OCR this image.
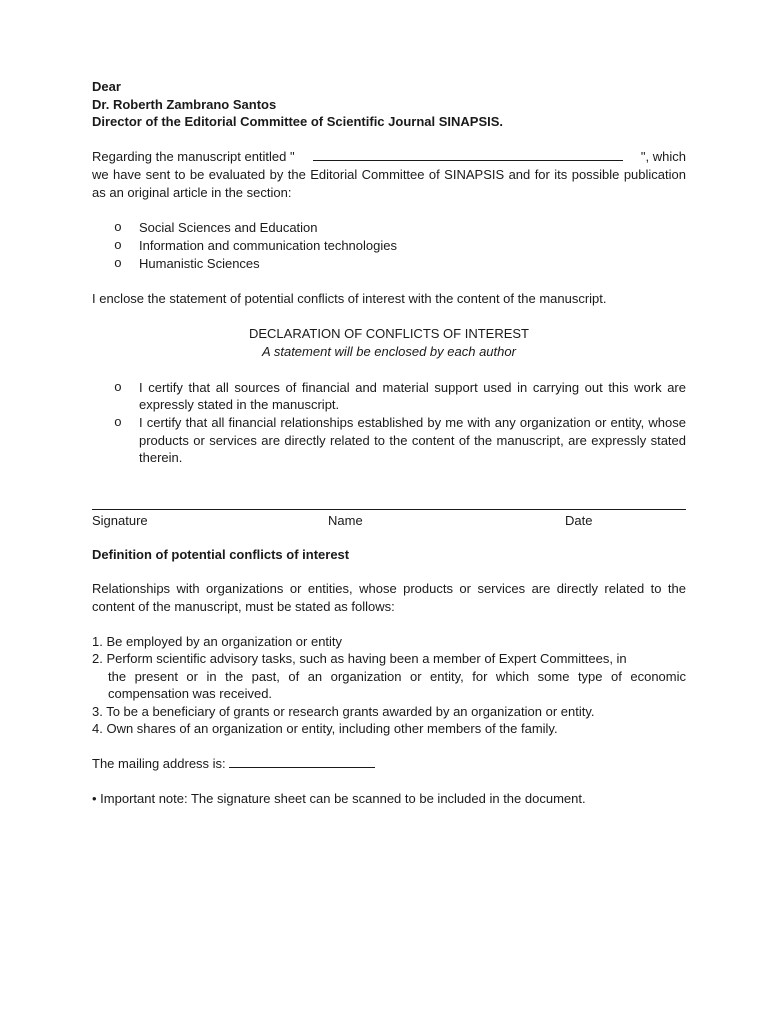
Dear
Dr. Roberth Zambrano Santos
Director of the Editorial Committee of Scientific Journal SINAPSIS.
Regarding the manuscript entitled "	", which
we have sent to be evaluated by the Editorial Committee of SINAPSIS and for its possible publication as an original article in the section:
o Social Sciences and Education
o Information and communication technologies
o Humanistic Sciences
I enclose the statement of potential conflicts of interest with the content of the manuscript.
DECLARATION OF CONFLICTS OF INTEREST
A statement will be enclosed by each author
o I certify that all sources of financial and material support used in carrying out this work are expressly stated in the manuscript.
o I certify that all financial relationships established by me with any organization or entity, whose products or services are directly related to the content of the manuscript, are expressly stated therein.
Signature	Name	Date
Definition of potential conflicts of interest
Relationships with organizations or entities, whose products or services are directly related to the content of the manuscript, must be stated as follows:
1. Be employed by an organization or entity
2. Perform scientific advisory tasks, such as having been a member of Expert Committees, in
the present or in the past, of an organization or entity, for which some type of economic compensation was received.
3. To be a beneficiary of grants or research grants awarded by an organization or entity.
4. Own shares of an organization or entity, including other members of the family.
The mailing address is:
• Important note: The signature sheet can be scanned to be included in the document.
